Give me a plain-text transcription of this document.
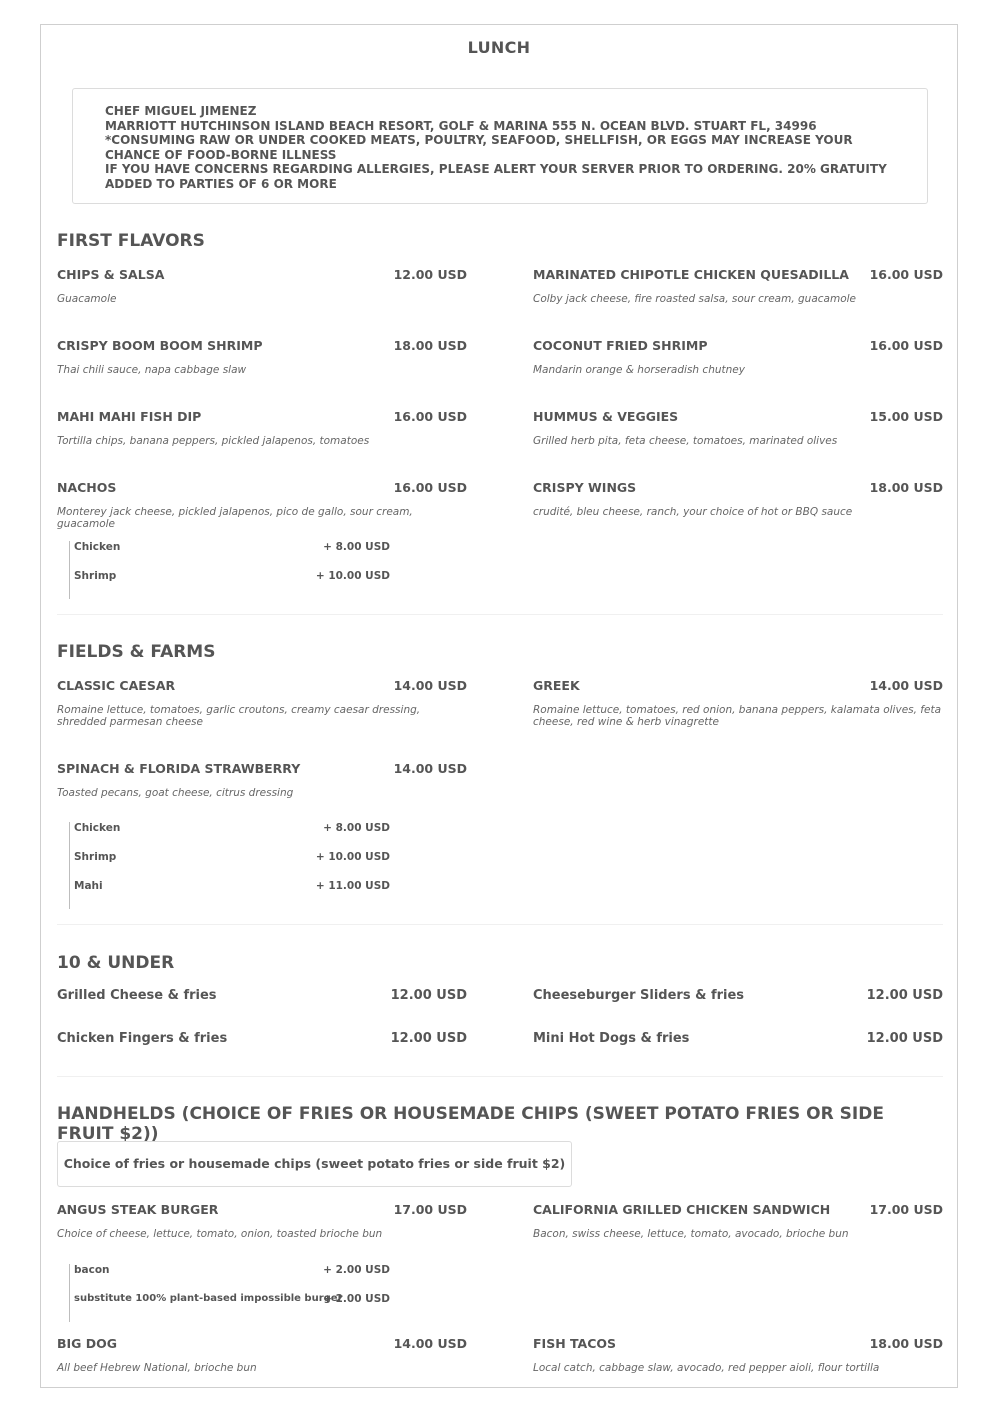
LUNCH
CHEF MIGUEL JIMENEZ
MARRIOTT HUTCHINSON ISLAND BEACH RESORT, GOLF & MARINA 555 N. OCEAN BLVD. STUART FL, 34996
*CONSUMING RAW OR UNDER COOKED MEATS, POULTRY, SEAFOOD, SHELLFISH, OR EGGS MAY INCREASE YOUR CHANCE OF FOOD-BORNE ILLNESS
IF YOU HAVE CONCERNS REGARDING ALLERGIES, PLEASE ALERT YOUR SERVER PRIOR TO ORDERING. 20% GRATUITY ADDED TO PARTIES OF 6 OR MORE
FIRST FLAVORS
CHIPS & SALSA	12.00 USD
Guacamole
MARINATED CHIPOTLE CHICKEN QUESADILLA 16.00 USD
Colby jack cheese, fire roasted salsa, sour cream, guacamole
CRISPY BOOM BOOM SHRIMP	18.00 USD
Thai chili sauce, napa cabbage slaw
COCONUT FRIED SHRIMP	16.00 USD
Mandarin orange & horseradish chutney
MAHI MAHI FISH DIP	16.00 USD
Tortilla chips, banana peppers, pickled jalapenos, tomatoes
HUMMUS & VEGGIES	15.00 USD
Grilled herb pita, feta cheese, tomatoes, marinated olives
NACHOS	16.00 USD
Monterey jack cheese, pickled jalapenos, pico de gallo, sour cream, guacamole
CRISPY WINGS	18.00 USD
crudité, bleu cheese, ranch, your choice of hot or BBQ sauce
Chicken	+ 8.00 USD
Shrimp	+ 10.00 USD
FIELDS & FARMS
CLASSIC CAESAR	14.00 USD
Romaine lettuce, tomatoes, garlic croutons, creamy caesar dressing, shredded parmesan cheese
GREEK	14.00 USD
Romaine lettuce, tomatoes, red onion, banana peppers, kalamata olives, feta cheese, red wine & herb vinagrette
SPINACH & FLORIDA STRAWBERRY	14.00 USD
Toasted pecans, goat cheese, citrus dressing
Chicken	+ 8.00 USD
Shrimp	+ 10.00 USD
Mahi	+ 11.00 USD
10 & UNDER
Grilled Cheese & fries	12.00 USD	Cheeseburger Sliders & fries	12.00 USD
Chicken Fingers & fries	12.00 USD	Mini Hot Dogs & fries	12.00 USD
HANDHELDS (CHOICE OF FRIES OR HOUSEMADE CHIPS (SWEET POTATO FRIES OR SIDE FRUIT $2))
Choice of fries or housemade chips (sweet potato fries or side fruit $2)
ANGUS STEAK BURGER	17.00 USD
Choice of cheese, lettuce, tomato, onion, toasted brioche bun
CALIFORNIA GRILLED CHICKEN SANDWICH	17.00 USD
Bacon, swiss cheese, lettuce, tomato, avocado, brioche bun
bacon	+ 2.00 USD
substitute 100% plant-based impossible burger
+ 2.00 USD
BIG DOG	14.00 USD
All beef Hebrew National, brioche bun
FISH TACOS	18.00 USD
Local catch, cabbage slaw, avocado, red pepper aioli, flour tortilla
